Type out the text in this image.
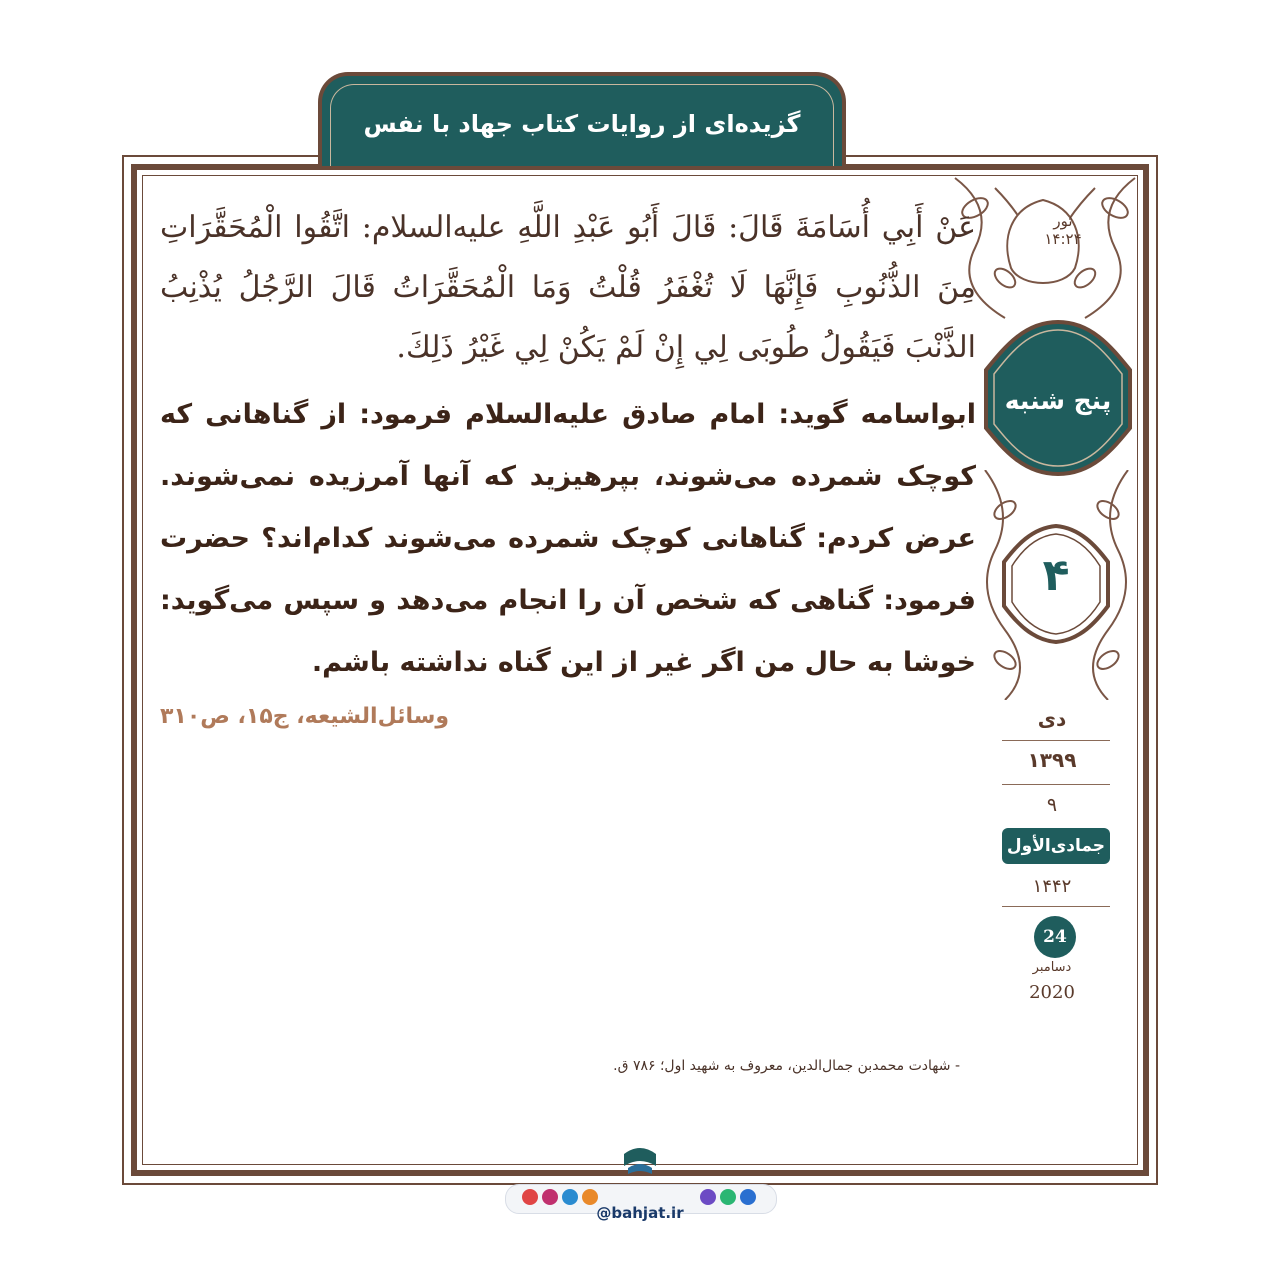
گزیده‌ای از روایات کتاب جهاد با نفس
ثور
۱۴:۲۴
پنج شنبه
۴
دی
۱۳۹۹
۹
جمادی‌الأول
۱۴۴۲
24
دسامبر
2020

عَنْ أَبِي أُسَامَةَ قَالَ: قَالَ أَبُو عَبْدِ اللَّهِ عليه‌السلام: اتَّقُوا الْمُحَقَّرَاتِ مِنَ الذُّنُوبِ فَإِنَّهَا لَا تُغْفَرُ قُلْتُ وَمَا الْمُحَقَّرَاتُ قَالَ الرَّجُلُ يُذْنِبُ الذَّنْبَ فَيَقُولُ طُوبَى لِي إِنْ لَمْ يَكُنْ لِي غَيْرُ ذَلِكَ.

ابواسامه گوید: امام صادق عليه‌السلام فرمود: از گناهانی که کوچک شمرده می‌شوند، بپرهیزید که آنها آمرزیده نمی‌شوند. عرض کردم: گناهانی کوچک شمرده می‌شوند کدام‌اند؟ حضرت فرمود: گناهی که شخص آن را انجام می‌دهد و سپس می‌گوید: خوشا به حال من اگر غیر از این گناه نداشته باشم.

وسائل‌الشیعه، ج۱۵، ص۳۱۰

- شهادت محمدبن جمال‌الدین، معروف به شهید اول؛ ۷۸۶ ق.
@bahjat.ir
